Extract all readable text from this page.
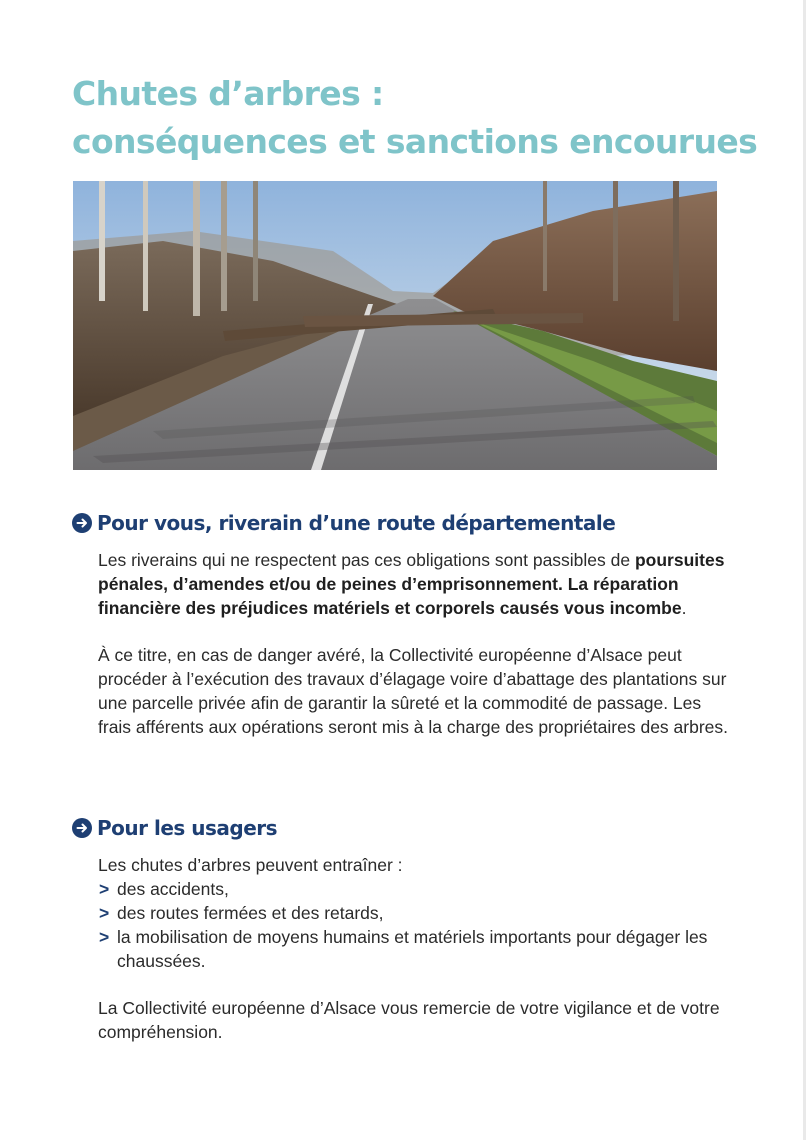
Chutes d’arbres :
conséquences et sanctions encourues
Pour vous, riverain d’une route départementale

Les riverains qui ne respectent pas ces obligations sont passibles de poursuites pénales, d’amendes et/ou de peines d’emprisonnement. La réparation financière des préjudices matériels et corporels causés vous incombe.

À ce titre, en cas de danger avéré, la Collectivité européenne d’Alsace peut procéder à l’exécution des travaux d’élagage voire d’abattage des plantations sur une parcelle privée afin de garantir la sûreté et la commodité de passage. Les frais afférents aux opérations seront mis à la charge des propriétaires des arbres.

Pour les usagers

Les chutes d’arbres peuvent entraîner :

> des accidents,
> des routes fermées et des retards,
> la mobilisation de moyens humains et matériels importants pour dégager les chaussées.

La Collectivité européenne d’Alsace vous remercie de votre vigilance et de votre compréhension.
